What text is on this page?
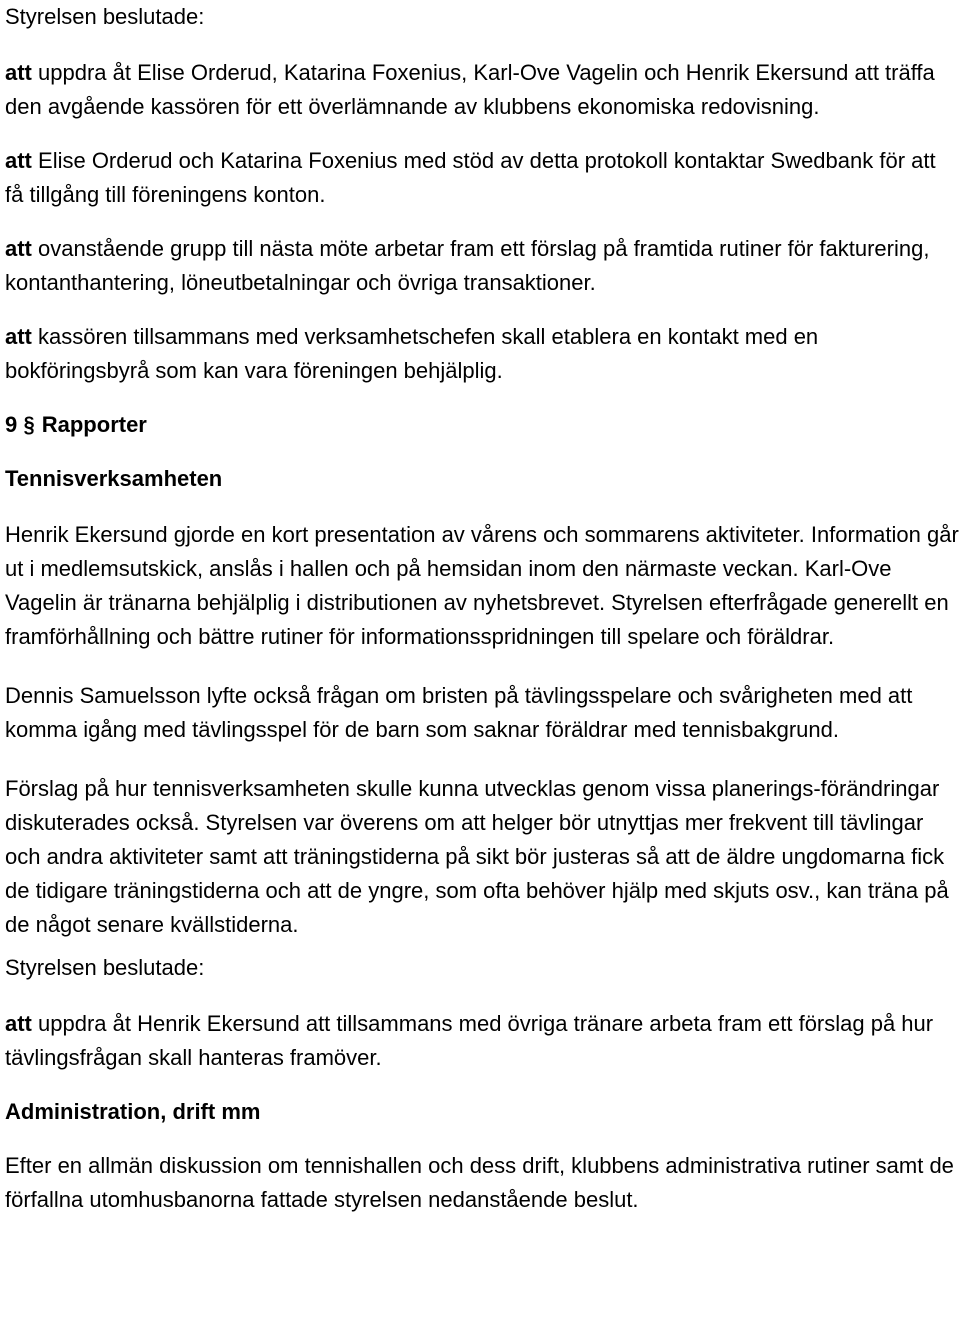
Styrelsen beslutade:

att uppdra åt Elise Orderud, Katarina Foxenius, Karl-Ove Vagelin och Henrik Ekersund att träffa den avgående kassören för ett överlämnande av klubbens ekonomiska redovisning.

att Elise Orderud och Katarina Foxenius med stöd av detta protokoll kontaktar Swedbank för att få tillgång till föreningens konton.

att ovanstående grupp till nästa möte arbetar fram ett förslag på framtida rutiner för fakturering, kontanthantering, löneutbetalningar och övriga transaktioner.

att kassören tillsammans med verksamhetschefen skall etablera en kontakt med en bokföringsbyrå som kan vara föreningen behjälplig.

9 § Rapporter

Tennisverksamheten

Henrik Ekersund gjorde en kort presentation av vårens och sommarens aktiviteter. Information går ut i medlemsutskick, anslås i hallen och på hemsidan inom den närmaste veckan. Karl-Ove Vagelin är tränarna behjälplig i distributionen av nyhetsbrevet. Styrelsen efterfrågade generellt en framförhållning och bättre rutiner för informationsspridningen till spelare och föräldrar.

Dennis Samuelsson lyfte också frågan om bristen på tävlingsspelare och svårigheten med att komma igång med tävlingsspel för de barn som saknar föräldrar med tennisbakgrund.

Förslag på hur tennisverksamheten skulle kunna utvecklas genom vissa planerings-förändringar diskuterades också. Styrelsen var överens om att helger bör utnyttjas mer frekvent till tävlingar och andra aktiviteter samt att träningstiderna på sikt bör justeras så att de äldre ungdomarna fick de tidigare träningstiderna och att de yngre, som ofta behöver hjälp med skjuts osv., kan träna på de något senare kvällstiderna.

Styrelsen beslutade:

att uppdra åt Henrik Ekersund att tillsammans med övriga tränare arbeta fram ett förslag på hur tävlingsfrågan skall hanteras framöver.

Administration, drift mm

Efter en allmän diskussion om tennishallen och dess drift, klubbens administrativa rutiner samt de förfallna utomhusbanorna fattade styrelsen nedanstående beslut.
